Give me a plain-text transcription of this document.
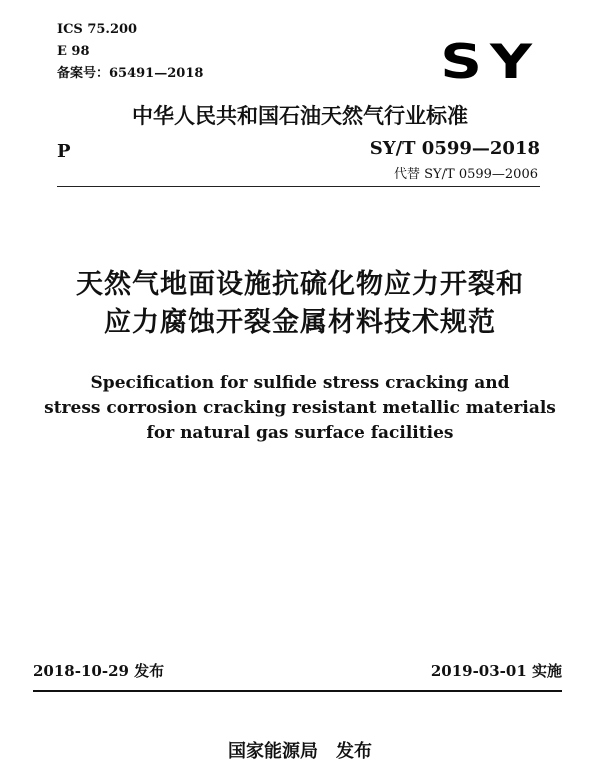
ICS 75.200
E 98
备案号：65491—2018	SY
中华人民共和国石油天然气行业标准
P	SY/T 0599—2018
代替 SY/T 0599—2006
天然气地面设施抗硫化物应力开裂和
应力腐蚀开裂金属材料技术规范
Specification for sulfide stress cracking and
stress corrosion cracking resistant metallic materials
for natural gas surface facilities
2018-10-29 发布	2019-03-01 实施
国家能源局　发布
